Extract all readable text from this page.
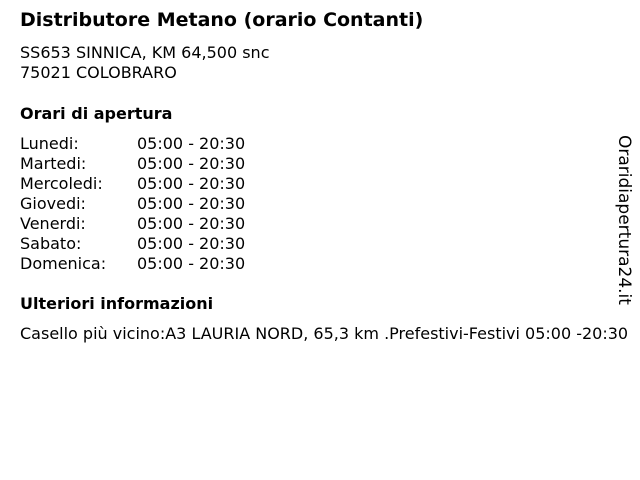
Distributore Metano (orario Contanti)
SS653 SINNICA, KM 64,500 snc
75021 COLOBRARO
Orari di apertura
Lunedi:	05:00 - 20:30
Martedi:	05:00 - 20:30
Mercoledi: 05:00 - 20:30
Giovedi:	05:00 - 20:30
Venerdi:	05:00 - 20:30
Sabato:	05:00 - 20:30
Domenica: 05:00 - 20:30
Ulteriori informazioni
Casello più vicino:A3 LAURIA NORD, 65,3 km .Prefestivi-Festivi 05:00 -20:30
Oraridiapertura24.it
